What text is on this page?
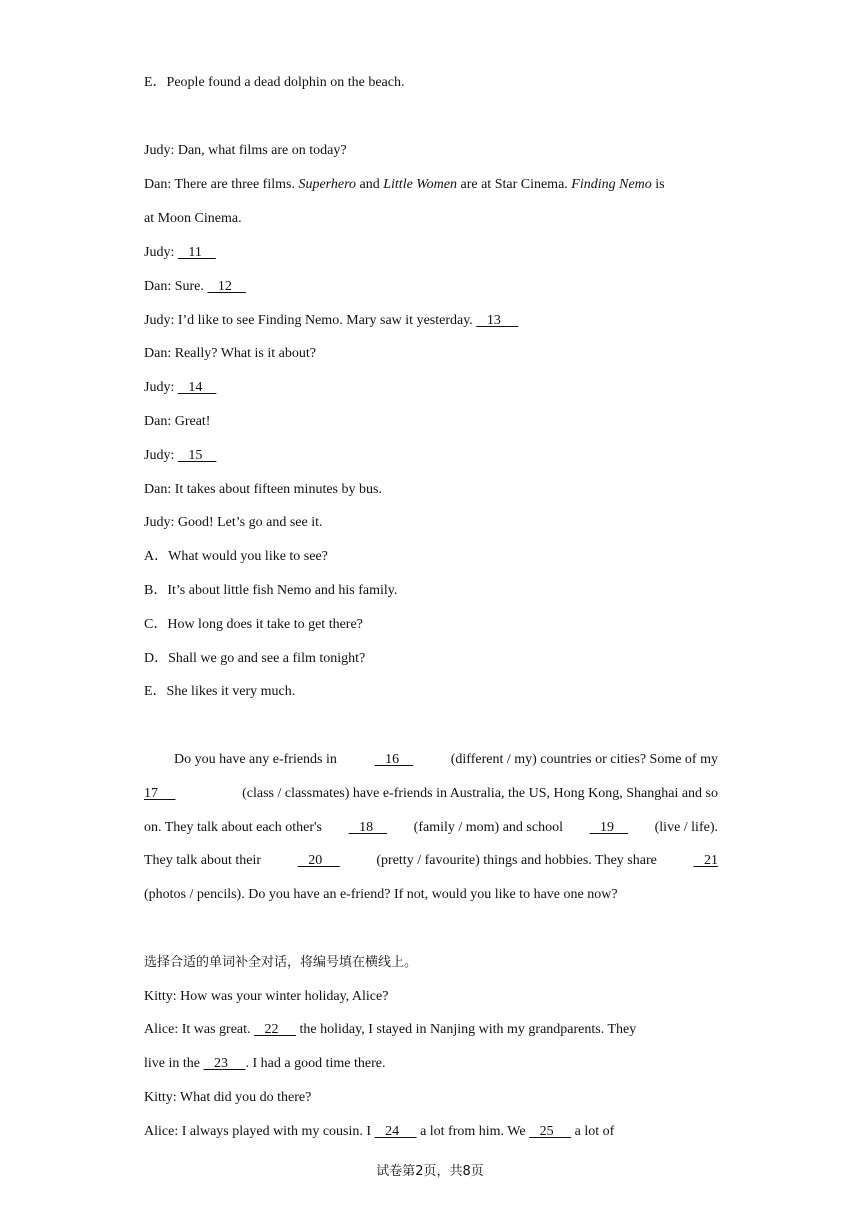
E．People found a dead dolphin on the beach.
Judy: Dan, what films are on today?
Dan: There are three films. Superhero and Little Women are at Star Cinema. Finding Nemo is
at Moon Cinema.
Judy:    11
Dan: Sure.    12
Judy: I’d like to see Finding Nemo. Mary saw it yesterday.    13
Dan: Really? What is it about?
Judy:    14
Dan: Great!
Judy:    15
Dan: It takes about fifteen minutes by bus.
Judy: Good! Let’s go and see it.
A．What would you like to see?
B．It’s about little fish Nemo and his family.
C．How long does it take to get there?
D．Shall we go and see a film tonight?
E．She likes it very much.
Do you have any e-friends in	16	(different / my) countries or cities? Some of my
17	(class / classmates) have e-friends in Australia, the US, Hong Kong, Shanghai and so
on. They talk about each other's 18 (family / mom) and school 19 (live / life).
They talk about their	20	(pretty / favourite) things and hobbies. They share	21
(photos / pencils). Do you have an e-friend? If not, would you like to have one now?
选择合适的单词补全对话，将编号填在横线上。
Kitty: How was your winter holiday, Alice?
Alice: It was great.    22      the holiday, I stayed in Nanjing with my grandparents. They
live in the    23     . I had a good time there.
Kitty: What did you do there?
Alice: I always played with my cousin. I    24      a lot from him. We    25      a lot of
试卷第2页，共8页
